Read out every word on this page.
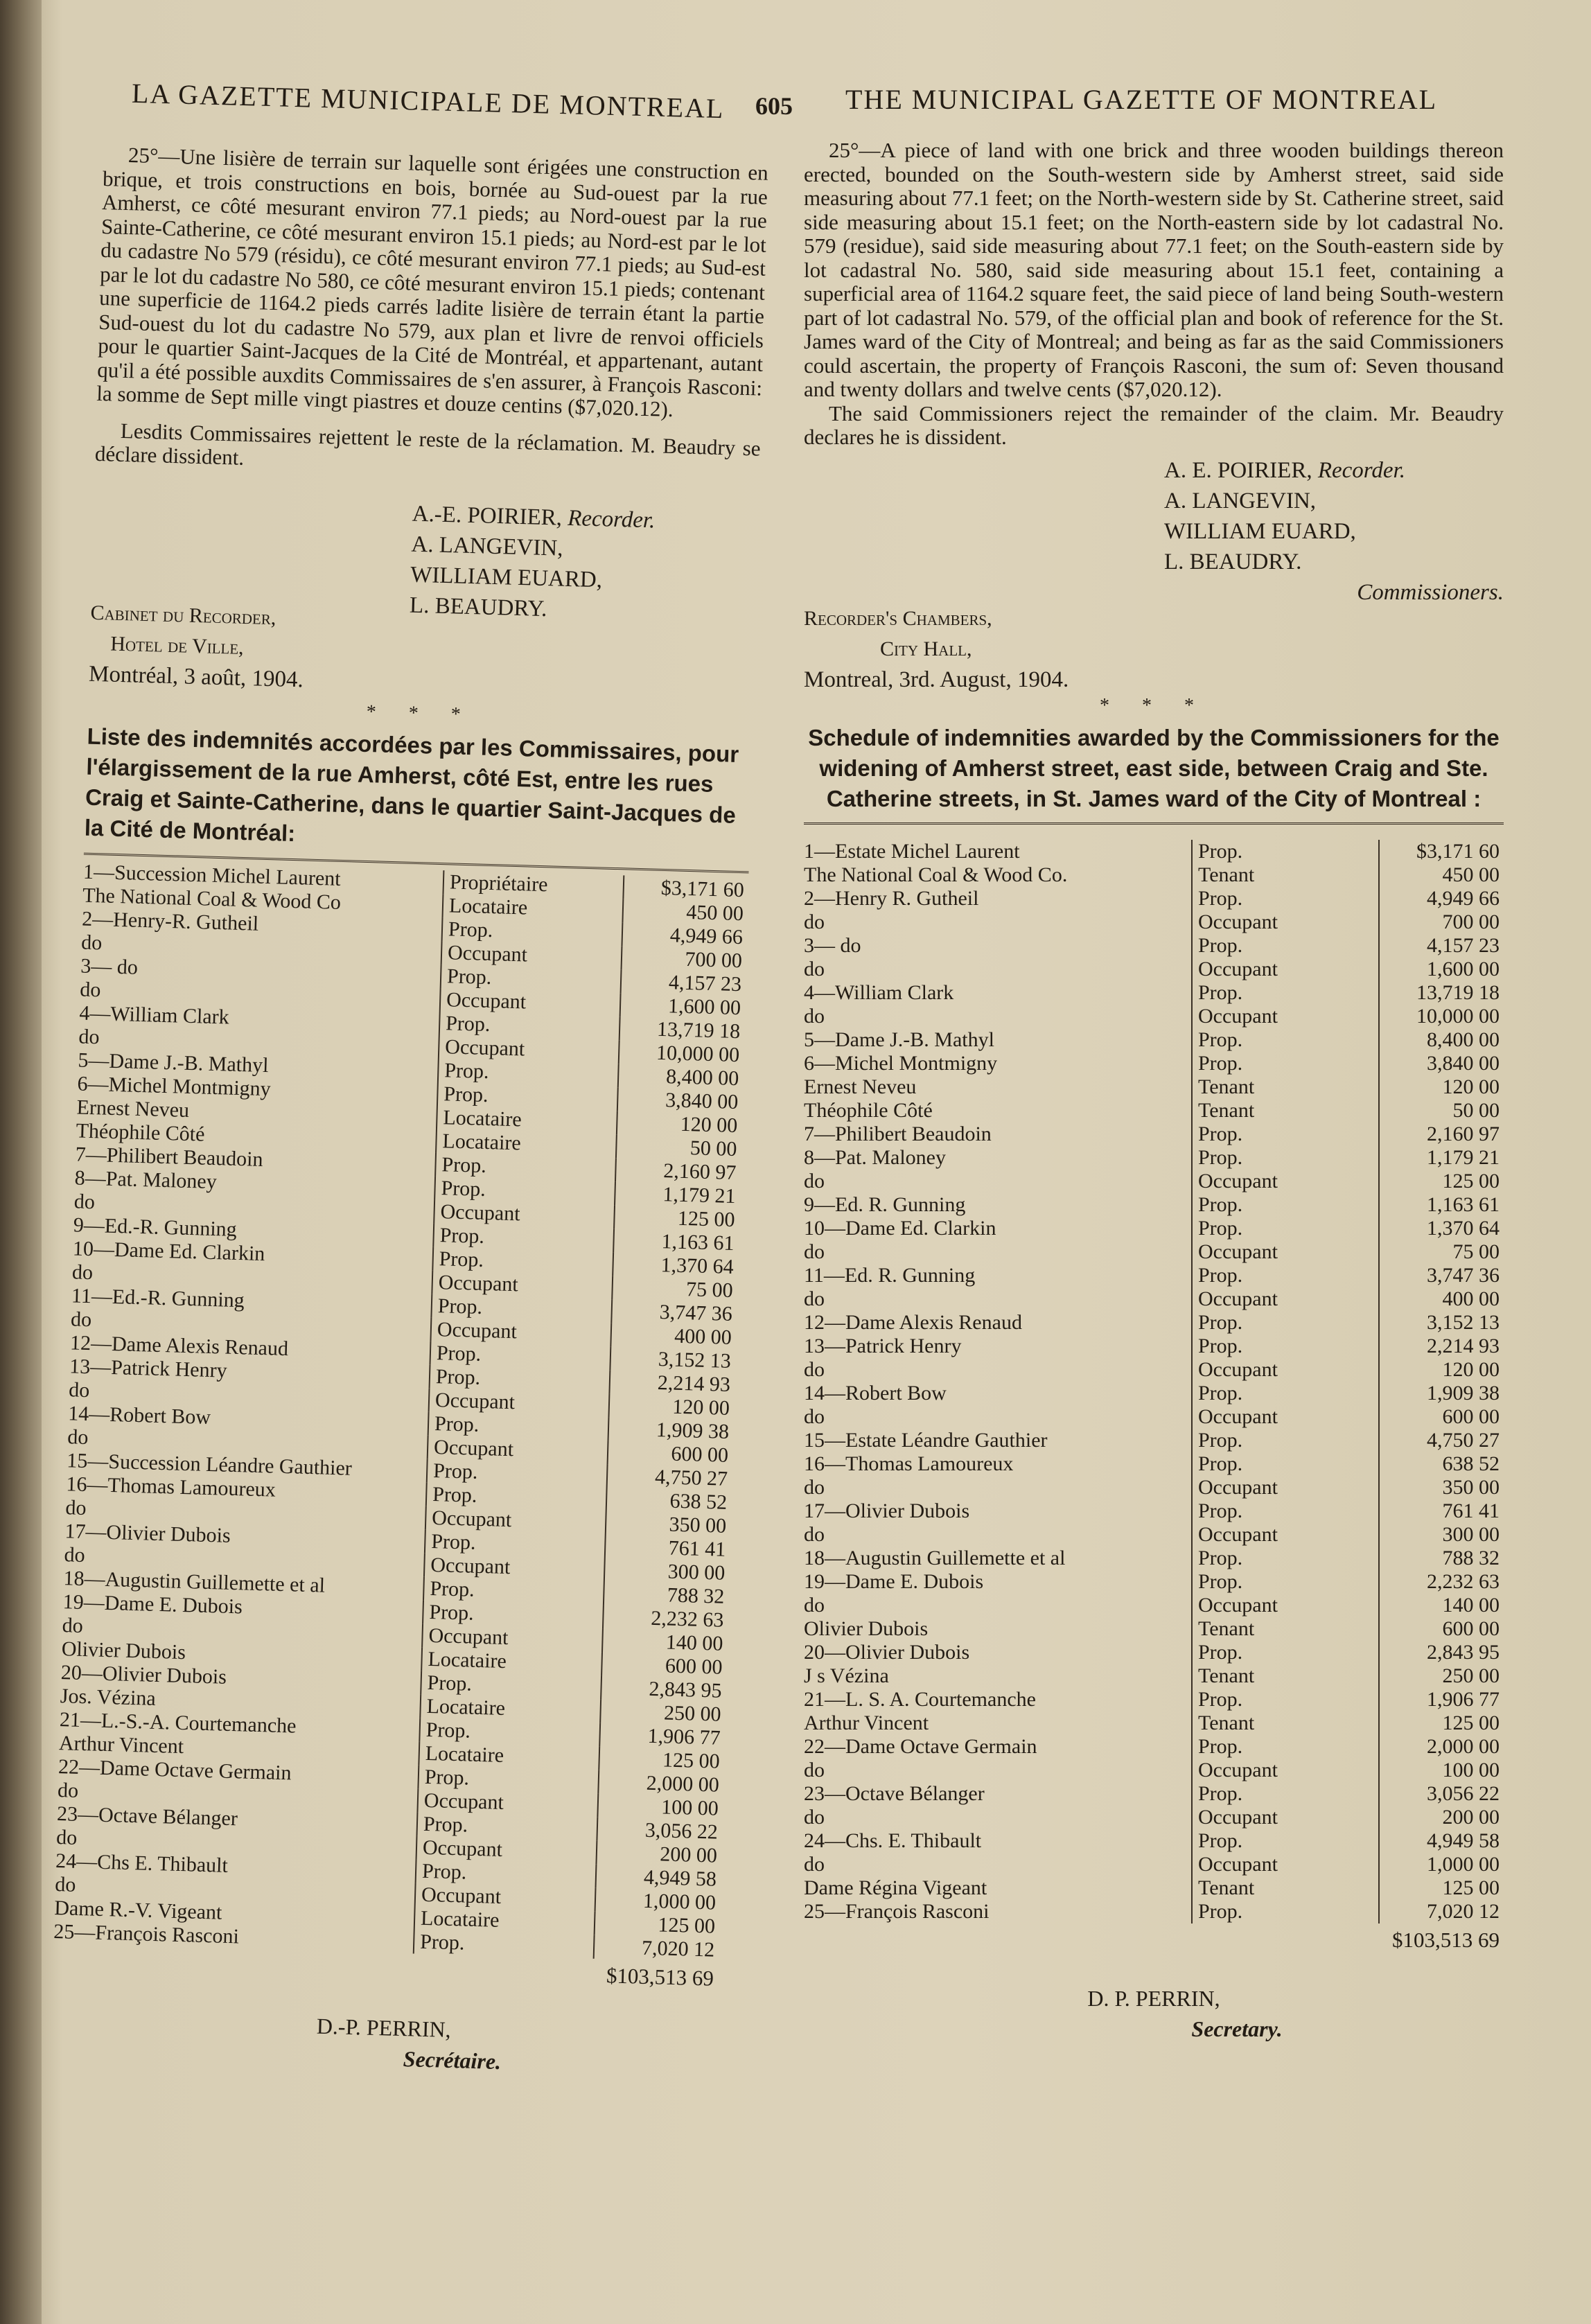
LA GAZETTE MUNICIPALE DE MONTREAL 605 THE MUNICIPAL GAZETTE OF MONTREAL

25°—Une lisière de terrain sur laquelle sont érigées une construction en brique, et trois constructions en bois, bornée au Sud-ouest par la rue Amherst, ce côté mesurant environ 77.1 pieds; au Nord-ouest par la rue Sainte-Catherine, ce côté mesurant environ 15.1 pieds; au Nord-est par le lot du cadastre No 579 (résidu), ce côté mesurant environ 77.1 pieds; au Sud-est par le lot du cadastre No 580, ce côté mesurant environ 15.1 pieds; contenant une superficie de 1164.2 pieds carrés ladite lisière de terrain étant la partie Sud-ouest du lot du cadastre No 579, aux plan et livre de renvoi officiels pour le quartier Saint-Jacques de la Cité de Montréal, et appartenant, autant qu'il a été possible auxdits Commissaires de s'en assurer, à François Rasconi: la somme de Sept mille vingt piastres et douze centins ($7,020.12).

Lesdits Commissaires rejettent le reste de la réclamation. M. Beaudry se déclare dissident.

A.-E. POIRIER, Recorder.
A. LANGEVIN,
WILLIAM EUARD,
L. BEAUDRY.
Cabinet du Recorder,
Hotel de Ville,
Montréal, 3 août, 1904.
* * *

Liste des indemnités accordées par les Commissaires, pour l'élargissement de la rue Amherst, côté Est, entre les rues Craig et Sainte-Catherine, dans le quartier Saint-Jacques de la Cité de Montréal:

1—Succession Michel Laurent	Propriétaire	$3,171 60
The National Coal & Wood Co	Locataire	450 00
2—Henry-R. Gutheil	Prop.	4,949 66
do	Occupant	700 00
3— do	Prop.	4,157 23
do	Occupant	1,600 00
4—William Clark	Prop.	13,719 18
do	Occupant	10,000 00
5—Dame J.-B. Mathyl	Prop.	8,400 00
6—Michel Montmigny	Prop.	3,840 00
Ernest Neveu	Locataire	120 00
Théophile Côté	Locataire	50 00
7—Philibert Beaudoin	Prop.	2,160 97
8—Pat. Maloney	Prop.	1,179 21
do	Occupant	125 00
9—Ed.-R. Gunning	Prop.	1,163 61
10—Dame Ed. Clarkin	Prop.	1,370 64
do	Occupant	75 00
11—Ed.-R. Gunning	Prop.	3,747 36
do	Occupant	400 00
12—Dame Alexis Renaud	Prop.	3,152 13
13—Patrick Henry	Prop.	2,214 93
do	Occupant	120 00
14—Robert Bow	Prop.	1,909 38
do	Occupant	600 00
15—Succession Léandre Gauthier	Prop.	4,750 27
16—Thomas Lamoureux	Prop.	638 52
do	Occupant	350 00
17—Olivier Dubois	Prop.	761 41
do	Occupant	300 00
18—Augustin Guillemette et al	Prop.	788 32
19—Dame E. Dubois	Prop.	2,232 63
do	Occupant	140 00
Olivier Dubois	Locataire	600 00
20—Olivier Dubois	Prop.	2,843 95
Jos. Vézina	Locataire	250 00
21—L.-S.-A. Courtemanche	Prop.	1,906 77
Arthur Vincent	Locataire	125 00
22—Dame Octave Germain	Prop.	2,000 00
do	Occupant	100 00
23—Octave Bélanger	Prop.	3,056 22
do	Occupant	200 00
24—Chs E. Thibault	Prop.	4,949 58
do	Occupant	1,000 00
Dame R.-V. Vigeant	Locataire	125 00
25—François Rasconi	Prop.	7,020 12
$103,513 69
D.-P. PERRIN,
Secrétaire.

25°—A piece of land with one brick and three wooden buildings thereon erected, bounded on the South-western side by Amherst street, said side measuring about 77.1 feet; on the North-western side by St. Catherine street, said side measuring about 15.1 feet; on the North-eastern side by lot cadastral No. 579 (residue), said side measuring about 77.1 feet; on the South-eastern side by lot cadastral No. 580, said side measuring about 15.1 feet, containing a superficial area of 1164.2 square feet, the said piece of land being South-western part of lot cadastral No. 579, of the official plan and book of reference for the St. James ward of the City of Montreal; and being as far as the said Commissioners could ascertain, the property of François Rasconi, the sum of: Seven thousand and twenty dollars and twelve cents ($7,020.12).

The said Commissioners reject the remainder of the claim. Mr. Beaudry declares he is dissident.

A. E. POIRIER, Recorder.
A. LANGEVIN,
WILLIAM EUARD,
L. BEAUDRY.
Commissioners.
Recorder's Chambers,
City Hall,
Montreal, 3rd. August, 1904.
* * *

Schedule of indemnities awarded by the Commissioners for the widening of Amherst street, east side, between Craig and Ste. Catherine streets, in St. James ward of the City of Montreal :

1—Estate Michel Laurent	Prop.	$3,171 60
The National Coal & Wood Co.	Tenant	450 00
2—Henry R. Gutheil	Prop.	4,949 66
do	Occupant	700 00
3— do	Prop.	4,157 23
do	Occupant	1,600 00
4—William Clark	Prop.	13,719 18
do	Occupant	10,000 00
5—Dame J.-B. Mathyl	Prop.	8,400 00
6—Michel Montmigny	Prop.	3,840 00
Ernest Neveu	Tenant	120 00
Théophile Côté	Tenant	50 00
7—Philibert Beaudoin	Prop.	2,160 97
8—Pat. Maloney	Prop.	1,179 21
do	Occupant	125 00
9—Ed. R. Gunning	Prop.	1,163 61
10—Dame Ed. Clarkin	Prop.	1,370 64
do	Occupant	75 00
11—Ed. R. Gunning	Prop.	3,747 36
do	Occupant	400 00
12—Dame Alexis Renaud	Prop.	3,152 13
13—Patrick Henry	Prop.	2,214 93
do	Occupant	120 00
14—Robert Bow	Prop.	1,909 38
do	Occupant	600 00
15—Estate Léandre Gauthier	Prop.	4,750 27
16—Thomas Lamoureux	Prop.	638 52
do	Occupant	350 00
17—Olivier Dubois	Prop.	761 41
do	Occupant	300 00
18—Augustin Guillemette et al	Prop.	788 32
19—Dame E. Dubois	Prop.	2,232 63
do	Occupant	140 00
Olivier Dubois	Tenant	600 00
20—Olivier Dubois	Prop.	2,843 95
J s Vézina	Tenant	250 00
21—L. S. A. Courtemanche	Prop.	1,906 77
Arthur Vincent	Tenant	125 00
22—Dame Octave Germain	Prop.	2,000 00
do	Occupant	100 00
23—Octave Bélanger	Prop.	3,056 22
do	Occupant	200 00
24—Chs. E. Thibault	Prop.	4,949 58
do	Occupant	1,000 00
Dame Régina Vigeant	Tenant	125 00
25—François Rasconi	Prop.	7,020 12
$103,513 69
D. P. PERRIN,
Secretary.
